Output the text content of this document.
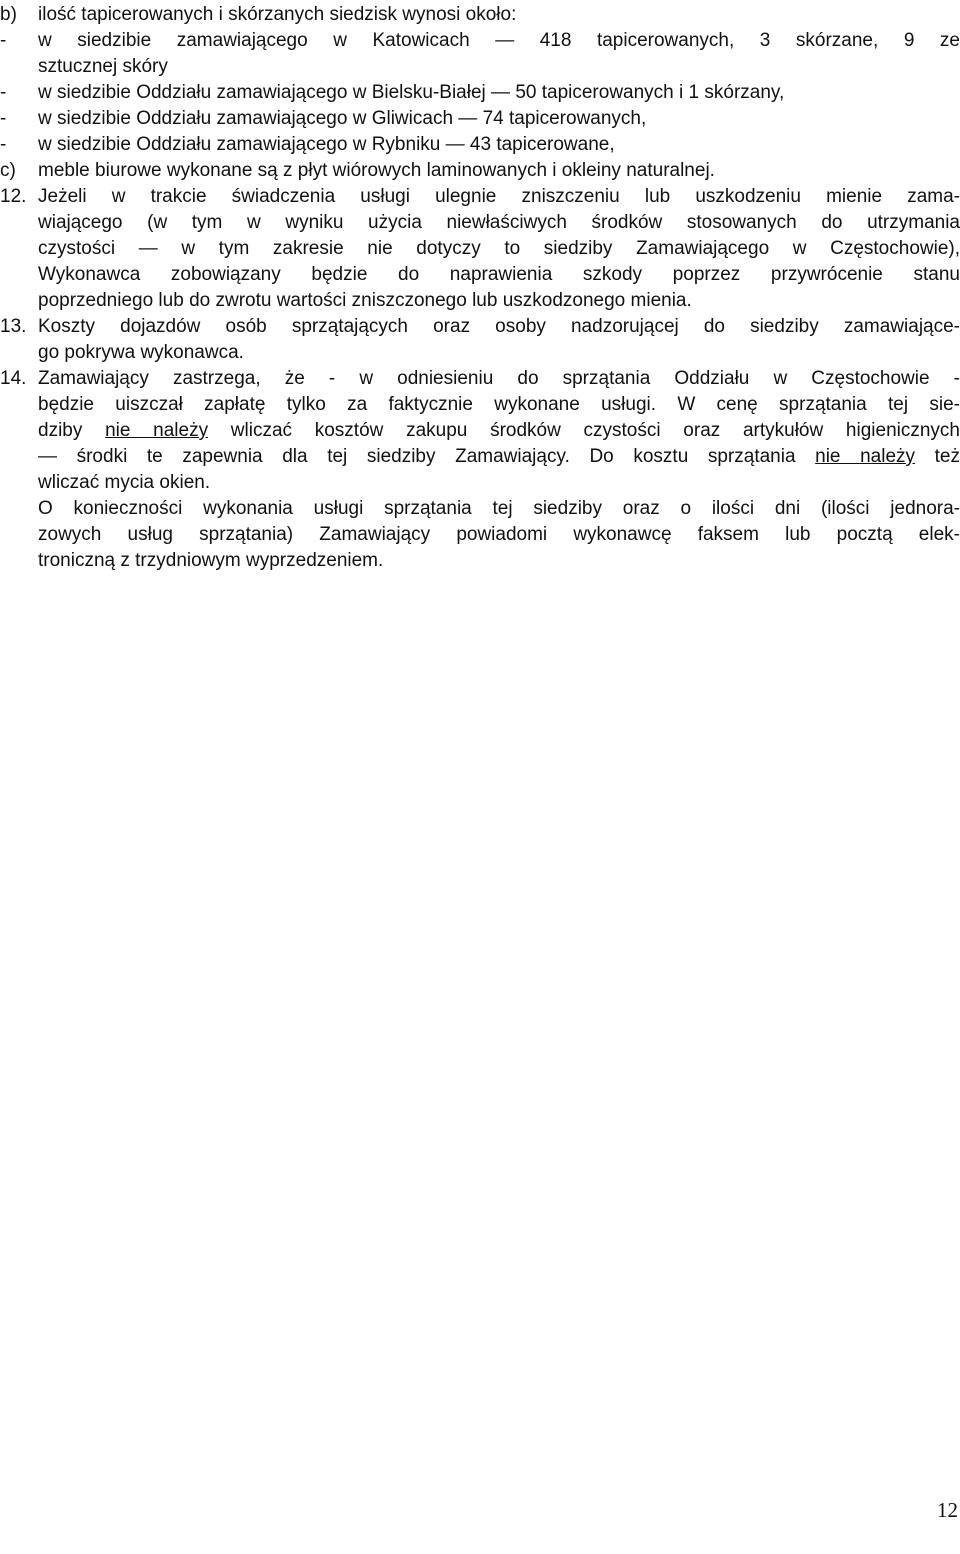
b)	ilość tapicerowanych i skórzanych siedzisk wynosi około:
-	w siedzibie zamawiającego w Katowicach — 418 tapicerowanych, 3 skórzane, 9 ze
sztucznej skóry
-	w siedzibie Oddziału zamawiającego w Bielsku-Białej — 50 tapicerowanych i 1 skórzany,
-	w siedzibie Oddziału zamawiającego w Gliwicach — 74 tapicerowanych,
-	w siedzibie Oddziału zamawiającego w Rybniku — 43 tapicerowane,
c)	meble biurowe wykonane są z płyt wiórowych laminowanych i okleiny naturalnej.
12. Jeżeli w trakcie świadczenia usługi ulegnie zniszczeniu lub uszkodzeniu mienie zama-
wiającego (w tym w wyniku użycia niewłaściwych środków stosowanych do utrzymania
czystości — w tym zakresie nie dotyczy to siedziby Zamawiającego w Częstochowie),
Wykonawca zobowiązany będzie do naprawienia szkody poprzez przywrócenie stanu
poprzedniego lub do zwrotu wartości zniszczonego lub uszkodzonego mienia.
13. Koszty dojazdów osób sprzątających oraz osoby nadzorującej do siedziby zamawiające-
go pokrywa wykonawca.
14. Zamawiający zastrzega, że - w odniesieniu do sprzątania Oddziału w Częstochowie -
będzie uiszczał zapłatę tylko za faktycznie wykonane usługi. W cenę sprzątania tej sie-
dziby nie należy wliczać kosztów zakupu środków czystości oraz artykułów higienicznych
— środki te zapewnia dla tej siedziby Zamawiający. Do kosztu sprzątania nie należy też
wliczać mycia okien.
O konieczności wykonania usługi sprzątania tej siedziby oraz o ilości dni (ilości jednora-
zowych usług sprzątania) Zamawiający powiadomi wykonawcę faksem lub pocztą elek-
troniczną z trzydniowym wyprzedzeniem.
12
